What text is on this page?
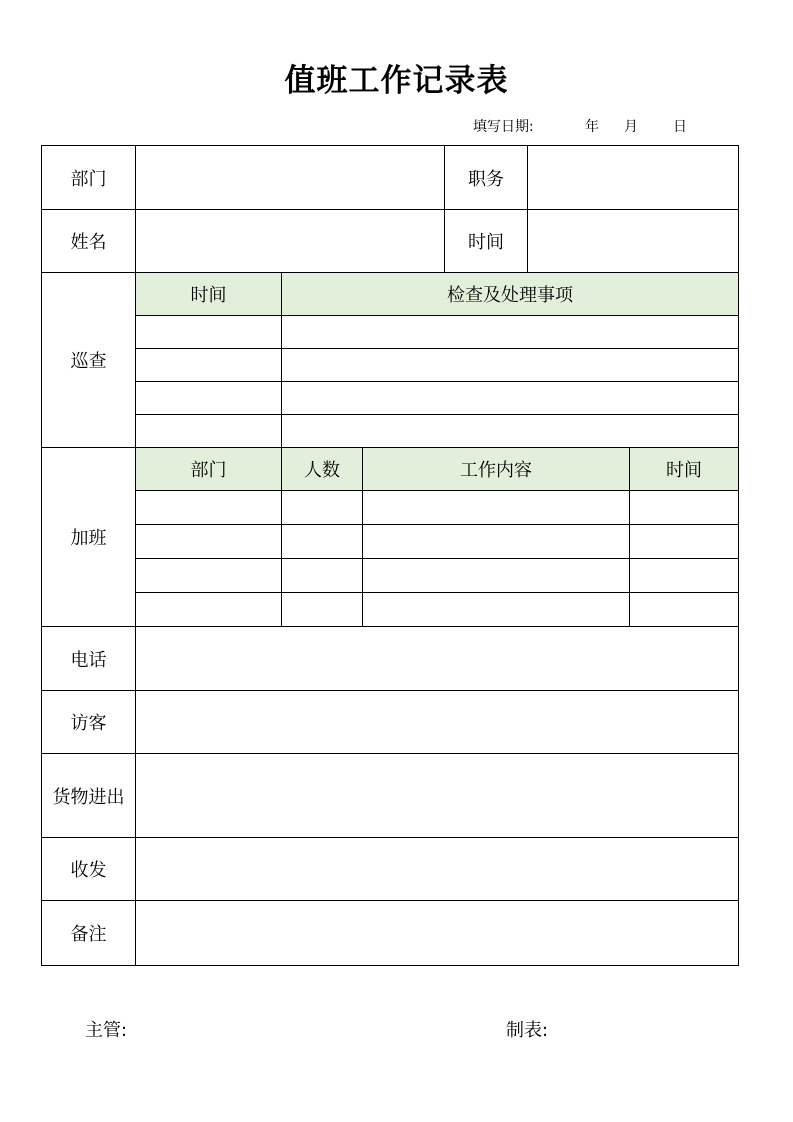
值班工作记录表
填写日期:	年 月	日
部门				职务	

姓名				时间	

巡查	时间	检查及处理事项			

加班	部门	人数	工作内容		时间

电话					
访客					
货物进出					
收发					
备注					
主管:	制表:
